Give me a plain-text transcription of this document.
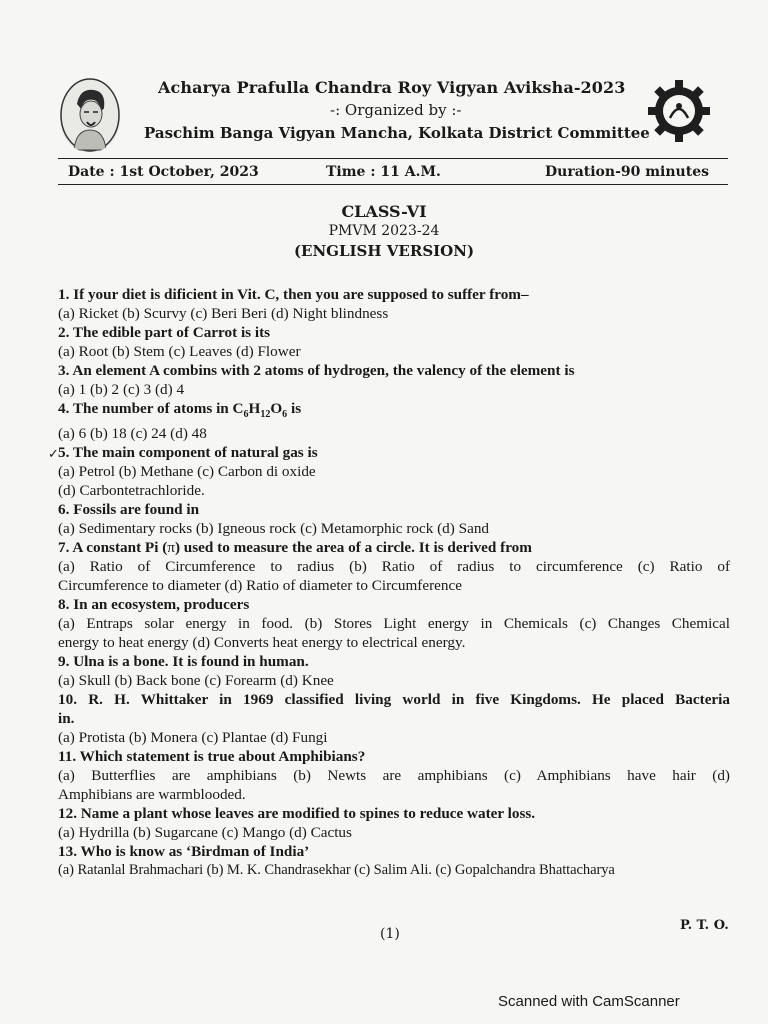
Acharya Prafulla Chandra Roy Vigyan Aviksha-2023
-: Organized by :-
Paschim Banga Vigyan Mancha, Kolkata District Committee
Date : 1st October, 2023	Time : 11 A.M.	Duration-90 minutes
CLASS-VI
PMVM 2023-24
(ENGLISH VERSION)
✓
1. If your diet is dificient in Vit. C, then you are supposed to suffer from–
(a) Ricket (b) Scurvy (c) Beri Beri (d) Night blindness
2. The edible part of Carrot is its
(a) Root (b) Stem (c) Leaves (d) Flower
3. An element A combins with 2 atoms of hydrogen, the valency of the element is
(a) 1 (b) 2 (c) 3 (d) 4
4. The number of atoms in $C_6H_{12}O_6$ is
(a) 6 (b) 18 (c) 24 (d) 48
5. The main component of natural gas is
(a) Petrol (b) Methane (c) Carbon di oxide
(d) Carbontetrachloride.
6. Fossils are found in
(a) Sedimentary rocks (b) Igneous rock (c) Metamorphic rock (d) Sand
7. A constant Pi (π) used to measure the area of a circle. It is derived from
(a) Ratio of Circumference to radius (b) Ratio of radius to circumference (c) Ratio of
Circumference to diameter (d) Ratio of diameter to Circumference
8. In an ecosystem, producers
(a) Entraps solar energy in food. (b) Stores Light energy in Chemicals (c) Changes Chemical
energy to heat energy (d) Converts heat energy to electrical energy.
9. Ulna is a bone. It is found in human.
(a) Skull (b) Back bone (c) Forearm (d) Knee
10. R. H. Whittaker in 1969 classified living world in five Kingdoms. He placed Bacteria
in.
(a) Protista (b) Monera (c) Plantae (d) Fungi
11. Which statement is true about Amphibians?
(a) Butterflies are amphibians (b) Newts are amphibians (c) Amphibians have hair (d)
Amphibians are warmblooded.
12. Name a plant whose leaves are modified to spines to reduce water loss.
(a) Hydrilla (b) Sugarcane (c) Mango (d) Cactus
13. Who is know as ‘Birdman of India’
(a) Ratanlal Brahmachari (b) M. K. Chandrasekhar (c) Salim Ali. (c) Gopalchandra Bhattacharya
P. T. O.
(1)
Scanned with CamScanner
